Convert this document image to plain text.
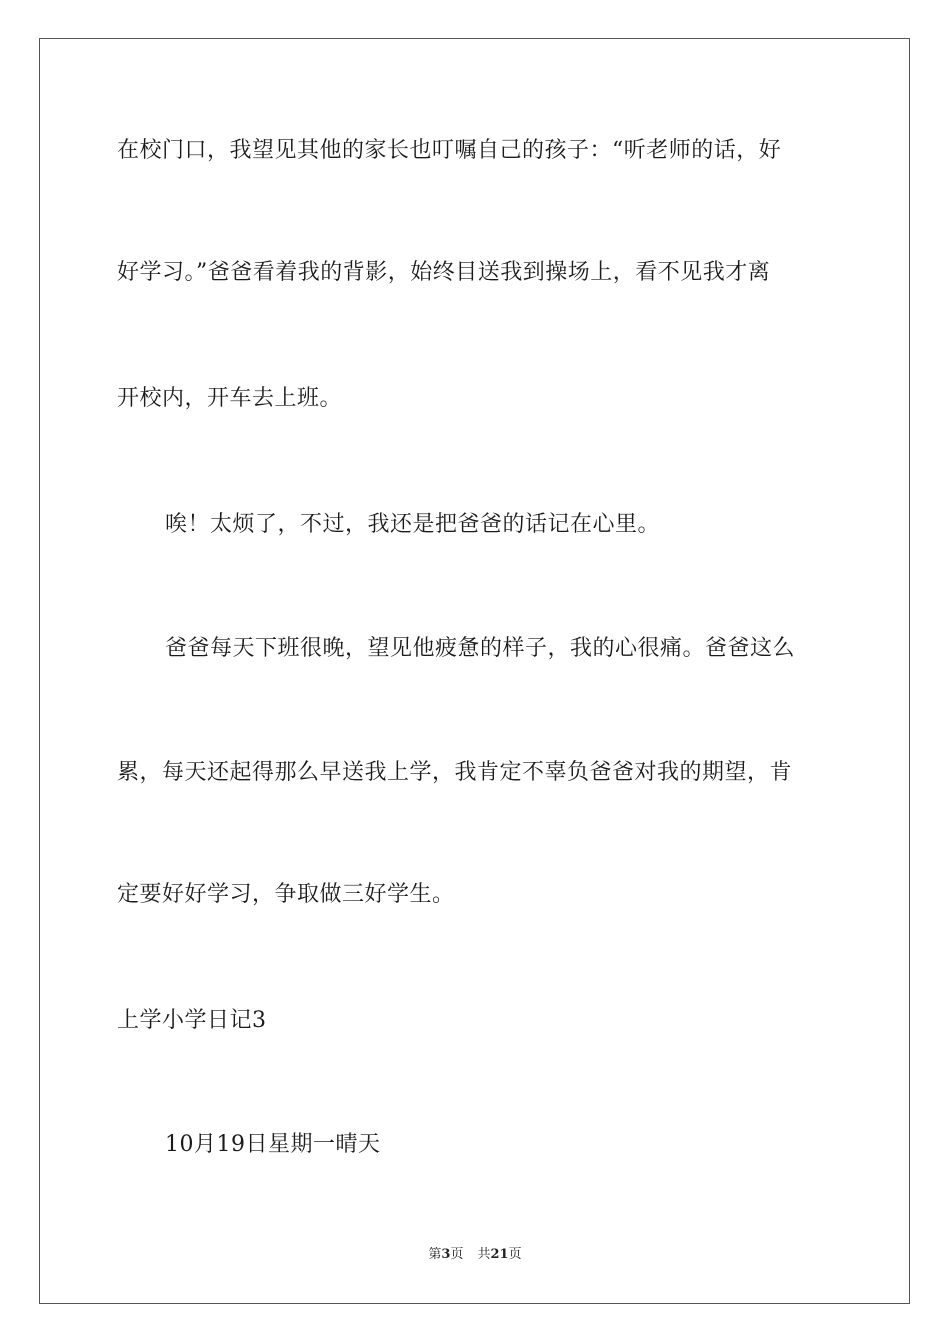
在校门口，我望见其他的家长也叮嘱自己的孩子：“听老师的话，好
好学习。”爸爸看着我的背影，始终目送我到操场上，看不见我才离
开校内，开车去上班。
唉！太烦了，不过，我还是把爸爸的话记在心里。
爸爸每天下班很晚，望见他疲惫的样子，我的心很痛。爸爸这么
累，每天还起得那么早送我上学，我肯定不辜负爸爸对我的期望，肯
定要好好学习，争取做三好学生。
上学小学日记3
10月19日星期一晴天
第3页 共21页
